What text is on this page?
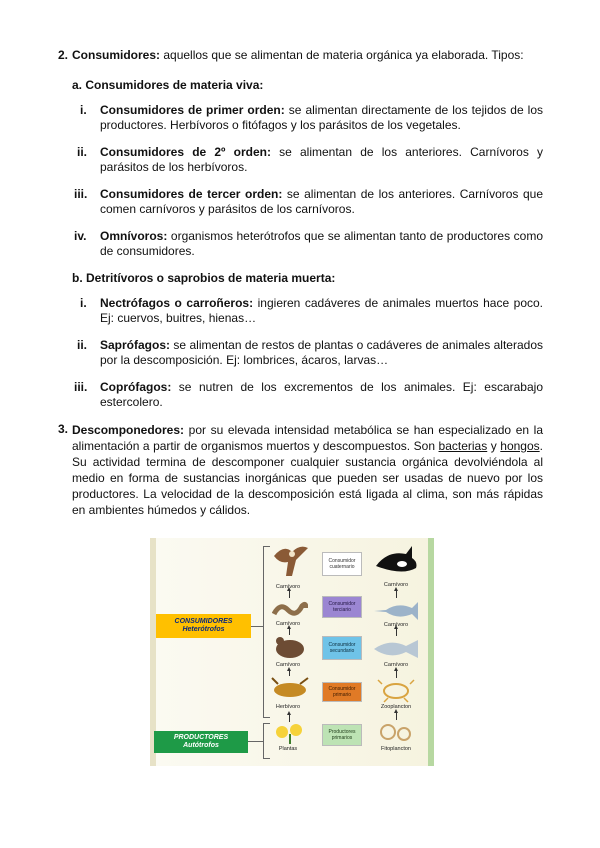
2. Consumidores: aquellos que se alimentan de materia orgánica ya elaborada. Tipos:
a. Consumidores de materia viva:
i. Consumidores de primer orden: se alimentan directamente de los tejidos de los productores. Herbívoros o fitófagos y los parásitos de los vegetales.
ii. Consumidores de 2º orden: se alimentan de los anteriores. Carnívoros y parásitos de los herbívoros.
iii. Consumidores de tercer orden: se alimentan de los anteriores. Carnívoros que comen carnívoros y parásitos de los carnívoros.
iv. Omnívoros: organismos heterótrofos que se alimentan tanto de productores como de consumidores.
b. Detritívoros o saprobios de materia muerta:
i. Nectrófagos o carroñeros: ingieren cadáveres de animales muertos hace poco. Ej: cuervos, buitres, hienas…
ii. Saprófagos: se alimentan de restos de plantas o cadáveres de animales alterados por la descomposición. Ej: lombrices, ácaros, larvas…
iii. Coprófagos: se nutren de los excrementos de los animales. Ej: escarabajo estercolero.
3. Descomponedores: por su elevada intensidad metabólica se han especializado en la alimentación a partir de organismos muertos y descompuestos. Son bacterias y hongos. Su actividad termina de descomponer cualquier sustancia orgánica devolviéndola al medio en forma de sustancias inorgánicas que pueden ser usadas de nuevo por los productores. La velocidad de la descomposición está ligada al clima, son más rápidas en ambientes húmedos y cálidos.
CONSUMIDORES
Heterótrofos
PRODUCTORES
Autótrofos
Consumidor cuaternario
Consumidor terciario
Consumidor secundario
Consumidor primario
Productores primarios
Carnívoro
Carnívoro
Carnívoro
Herbívoro
Plantas
Carnívoro
Carnívoro
Carnívoro
Zooplancton
Fitoplancton
